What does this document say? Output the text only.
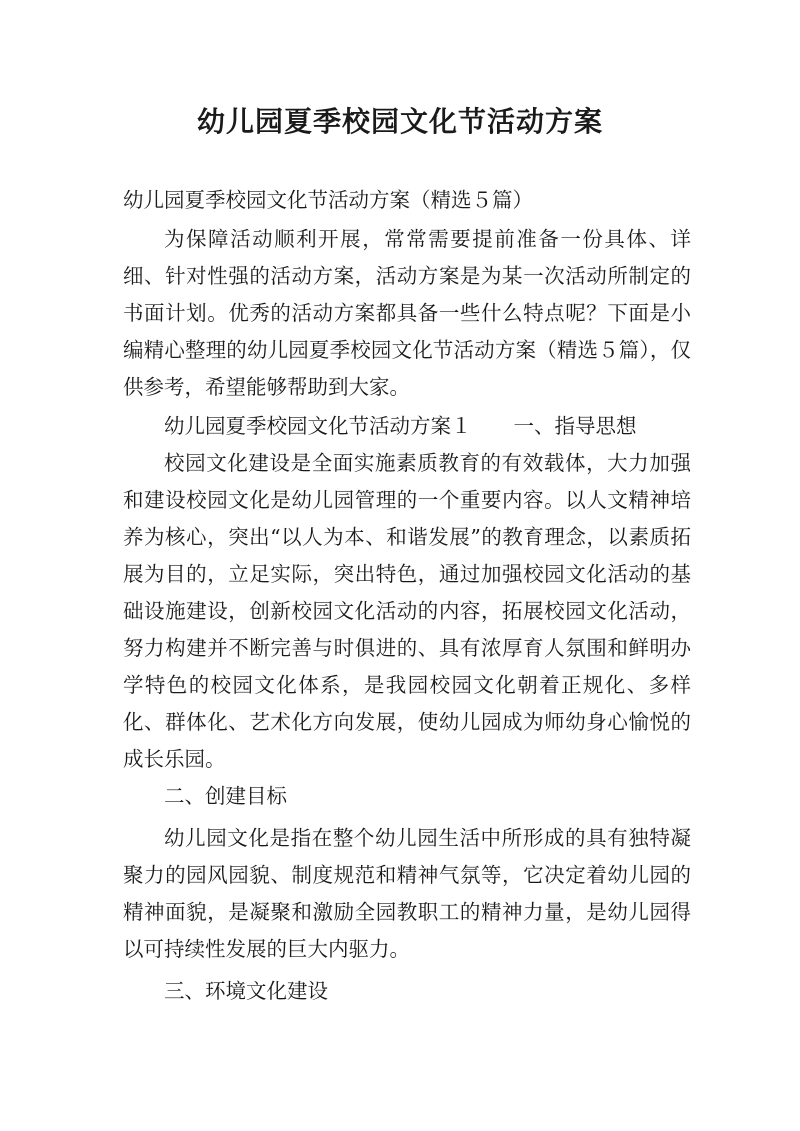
幼儿园夏季校园文化节活动方案

幼儿园夏季校园文化节活动方案（精选５篇）

为保障活动顺利开展，常常需要提前准备一份具体、详细、针对性强的活动方案，活动方案是为某一次活动所制定的书面计划。优秀的活动方案都具备一些什么特点呢？下面是小编精心整理的幼儿园夏季校园文化节活动方案（精选５篇），仅供参考，希望能够帮助到大家。

幼儿园夏季校园文化节活动方案１ 一、指导思想

校园文化建设是全面实施素质教育的有效载体，大力加强和建设校园文化是幼儿园管理的一个重要内容。以人文精神培养为核心，突出“以人为本、和谐发展”的教育理念，以素质拓展为目的，立足实际，突出特色，通过加强校园文化活动的基础设施建设，创新校园文化活动的内容，拓展校园文化活动，努力构建并不断完善与时俱进的、具有浓厚育人氛围和鲜明办学特色的校园文化体系，是我园校园文化朝着正规化、多样化、群体化、艺术化方向发展，使幼儿园成为师幼身心愉悦的成长乐园。

二、创建目标

幼儿园文化是指在整个幼儿园生活中所形成的具有独特凝聚力的园风园貌、制度规范和精神气氛等，它决定着幼儿园的精神面貌，是凝聚和激励全园教职工的精神力量，是幼儿园得以可持续性发展的巨大内驱力。

三、环境文化建设
